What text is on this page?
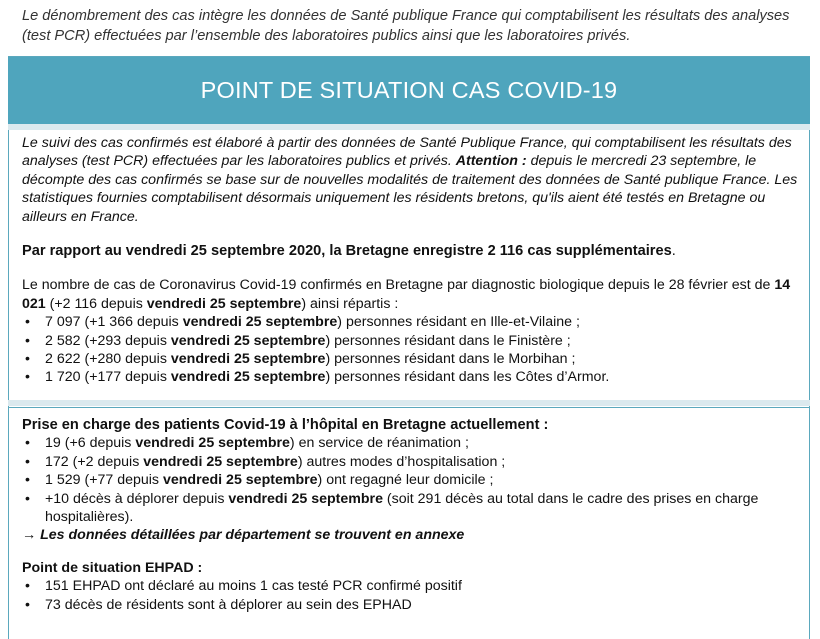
Le dénombrement des cas intègre les données de Santé publique France qui comptabilisent les résultats des analyses (test PCR) effectuées par l’ensemble des laboratoires publics ainsi que les laboratoires privés.

POINT DE SITUATION CAS COVID-19

Le suivi des cas confirmés est élaboré à partir des données de Santé Publique France, qui comptabilisent les résultats des analyses (test PCR) effectuées par les laboratoires publics et privés. Attention : depuis le mercredi 23 septembre, le décompte des cas confirmés se base sur de nouvelles modalités de traitement des données de Santé publique France. Les statistiques fournies comptabilisent désormais uniquement les résidents bretons, qu'ils aient été testés en Bretagne ou ailleurs en France.

Par rapport au vendredi 25 septembre 2020, la Bretagne enregistre 2 116 cas supplémentaires.

Le nombre de cas de Coronavirus Covid-19 confirmés en Bretagne par diagnostic biologique depuis le 28 février est de 14 021 (+2 116 depuis vendredi 25 septembre) ainsi répartis :

• 7 097 (+1 366 depuis vendredi 25 septembre) personnes résidant en Ille-et-Vilaine ;
• 2 582 (+293 depuis vendredi 25 septembre) personnes résidant dans le Finistère ;
• 2 622 (+280 depuis vendredi 25 septembre) personnes résidant dans le Morbihan ;
• 1 720 (+177 depuis vendredi 25 septembre) personnes résidant dans les Côtes d’Armor.

Prise en charge des patients Covid-19 à l’hôpital en Bretagne actuellement :

• 19 (+6 depuis vendredi 25 septembre) en service de réanimation ;
• 172 (+2 depuis vendredi 25 septembre) autres modes d’hospitalisation ;
• 1 529 (+77 depuis vendredi 25 septembre) ont regagné leur domicile ;
• +10 décès à déplorer depuis vendredi 25 septembre (soit 291 décès au total dans le cadre des prises en charge hospitalières).

→ Les données détaillées par département se trouvent en annexe

Point de situation EHPAD :

• 151 EHPAD ont déclaré au moins 1 cas testé PCR confirmé positif
• 73 décès de résidents sont à déplorer au sein des EPHAD
